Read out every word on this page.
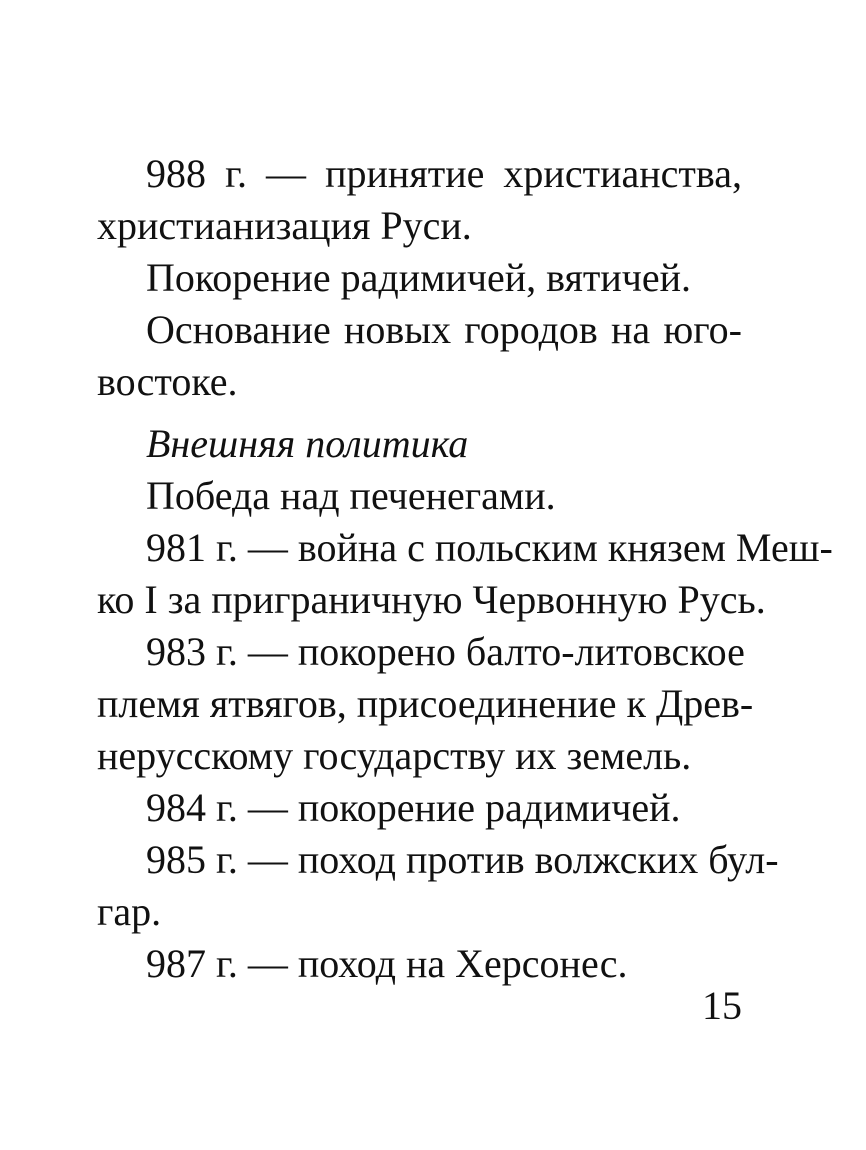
988 г. — принятие христианства,
христианизация Руси.
Покорение радимичей, вятичей.
Основание новых городов на юго-
востоке.
Внешняя политика
Победа над печенегами.
981 г. — война с польским князем Меш-
ко I за приграничную Червонную Русь.
983 г. — покорено балто-литовское
племя ятвягов, присоединение к Древ-
нерусскому государству их земель.
984 г. — покорение радимичей.
985 г. — поход против волжских бул-
гар.
987 г. — поход на Херсонес.
15
